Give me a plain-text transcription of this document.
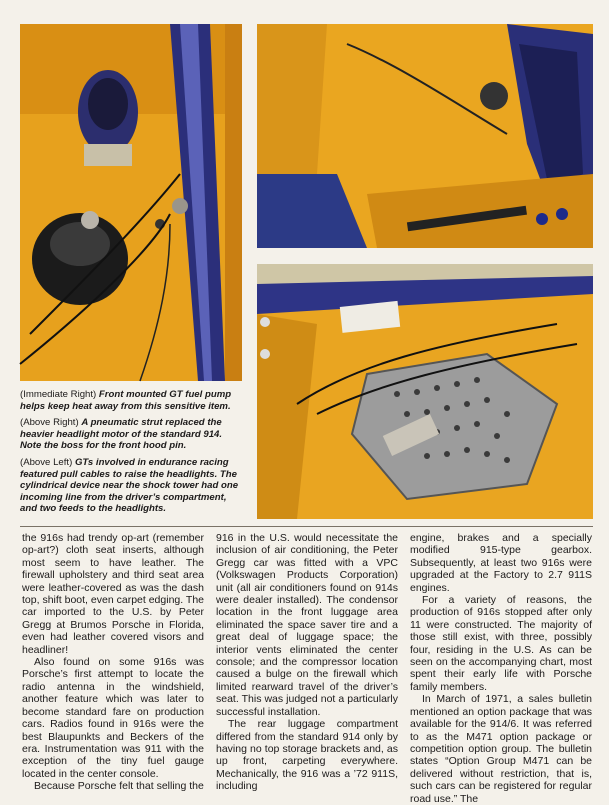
(Immediate Right) Front mounted GT fuel pump helps keep heat away from this sensitive item.

(Above Right) A pneumatic strut replaced the heavier headlight motor of the standard 914. Note the boss for the front hood pin.

(Above Left) GTs involved in endurance racing featured pull cables to raise the headlights. The cylindrical device near the shock tower had one incoming line from the driver’s compartment, and two feeds to the headlights.

the 916s had trendy op-art (remember op-art?) cloth seat inserts, although most seem to have leather. The firewall upholstery and third seat area were leather-covered as was the dash top, shift boot, even carpet edging. The car imported to the U.S. by Peter Gregg at Brumos Porsche in Florida, even had leather covered visors and headliner!

Also found on some 916s was Porsche’s first attempt to locate the radio antenna in the windshield, another feature which was later to become standard fare on production cars. Radios found in 916s were the best Blaupunkts and Beckers of the era. Instrumentation was 911 with the exception of the tiny fuel gauge located in the center console.

Because Porsche felt that selling the

916 in the U.S. would necessitate the inclusion of air conditioning, the Peter Gregg car was fitted with a VPC (Volkswagen Products Corporation) unit (all air conditioners found on 914s were dealer installed). The condensor location in the front luggage area eliminated the space saver tire and a great deal of luggage space; the interior vents eliminated the center console; and the compressor location caused a bulge on the firewall which limited rearward travel of the driver’s seat. This was judged not a particularly successful installation.

The rear luggage compartment differed from the standard 914 only by having no top storage brackets and, as up front, carpeting everywhere. Mechanically, the 916 was a ’72 911S, including

engine, brakes and a specially modified 915-type gearbox. Subsequently, at least two 916s were upgraded at the Factory to 2.7 911S engines.

For a variety of reasons, the production of 916s stopped after only 11 were constructed. The majority of those still exist, with three, possibly four, residing in the U.S. As can be seen on the accompanying chart, most spent their early life with Porsche family members.

In March of 1971, a sales bulletin mentioned an option package that was available for the 914/6. It was referred to as the M471 option package or competition option group. The bulletin states “Option Group M471 can be delivered without restriction, that is, such cars can be registered for regular road use.” The
